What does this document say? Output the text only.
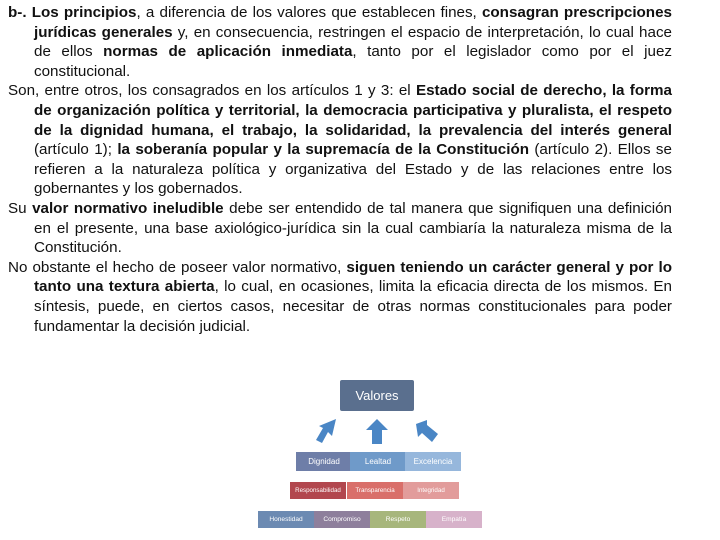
b-. Los principios, a diferencia de los valores que establecen fines, consagran prescripciones jurídicas generales y, en consecuencia, restringen el espacio de interpretación, lo cual hace de ellos normas de aplicación inmediata, tanto por el legislador como por el juez constitucional.

Son, entre otros, los consagrados en los artículos 1 y 3: el Estado social de derecho, la forma de organización política y territorial, la democracia participativa y pluralista, el respeto de la dignidad humana, el trabajo, la solidaridad, la prevalencia del interés general (artículo 1); la soberanía popular y la supremacía de la Constitución (artículo 2). Ellos se refieren a la naturaleza política y organizativa del Estado y de las relaciones entre los gobernantes y los gobernados.

Su valor normativo ineludible debe ser entendido de tal manera que signifiquen una definición en el presente, una base axiológico-jurídica sin la cual cambiaría la naturaleza misma de la Constitución.

No obstante el hecho de poseer valor normativo, siguen teniendo un carácter general y por lo tanto una textura abierta, lo cual, en ocasiones, limita la eficacia directa de los mismos. En síntesis, puede, en ciertos casos, necesitar de otras normas constitucionales para poder fundamentar la decisión judicial.

Valores
Dignidad	Lealtad	Excelencia
Responsabilidad	Transparencia	Integridad
Honestidad	Compromiso	Respeto	Empatía
